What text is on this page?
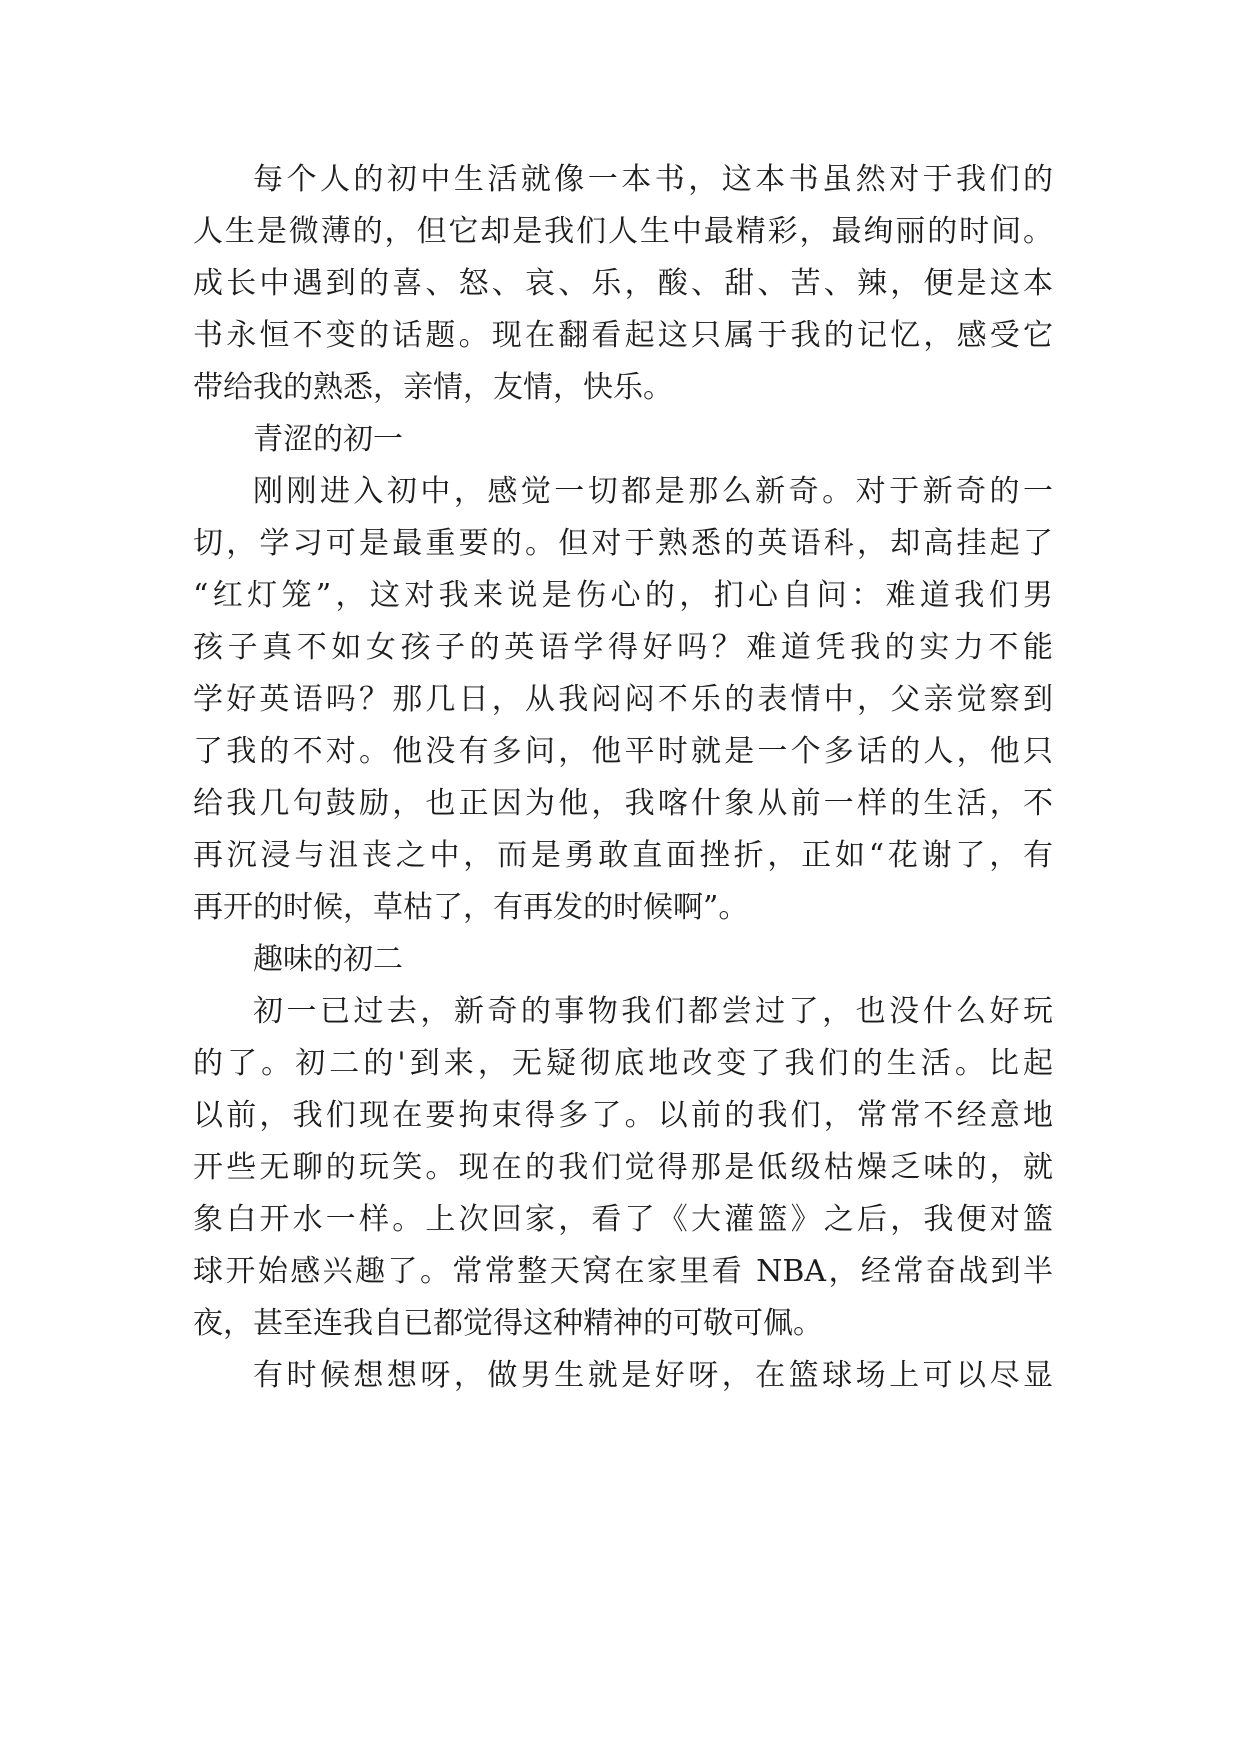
每个人的初中生活就像一本书，这本书虽然对于我们的
人生是微薄的，但它却是我们人生中最精彩，最绚丽的时间。
成长中遇到的喜、怒、哀、乐，酸、甜、苦、辣，便是这本
书永恒不变的话题。现在翻看起这只属于我的记忆，感受它
带给我的熟悉，亲情，友情，快乐。
青涩的初一
刚刚进入初中，感觉一切都是那么新奇。对于新奇的一
切，学习可是最重要的。但对于熟悉的英语科，却高挂起了
“红灯笼”，这对我来说是伤心的，扪心自问：难道我们男
孩子真不如女孩子的英语学得好吗？难道凭我的实力不能
学好英语吗？那几日，从我闷闷不乐的表情中，父亲觉察到
了我的不对。他没有多问，他平时就是一个多话的人，他只
给我几句鼓励，也正因为他，我喀什象从前一样的生活，不
再沉浸与沮丧之中，而是勇敢直面挫折，正如“花谢了，有
再开的时候，草枯了，有再发的时候啊”。
趣味的初二
初一已过去，新奇的事物我们都尝过了，也没什么好玩
的了。初二的'到来，无疑彻底地改变了我们的生活。比起
以前，我们现在要拘束得多了。以前的我们，常常不经意地
开些无聊的玩笑。现在的我们觉得那是低级枯燥乏味的，就
象白开水一样。上次回家，看了《大灌篮》之后，我便对篮
球开始感兴趣了。常常整天窝在家里看 NBA，经常奋战到半
夜，甚至连我自已都觉得这种精神的可敬可佩。
有时候想想呀，做男生就是好呀，在篮球场上可以尽显
